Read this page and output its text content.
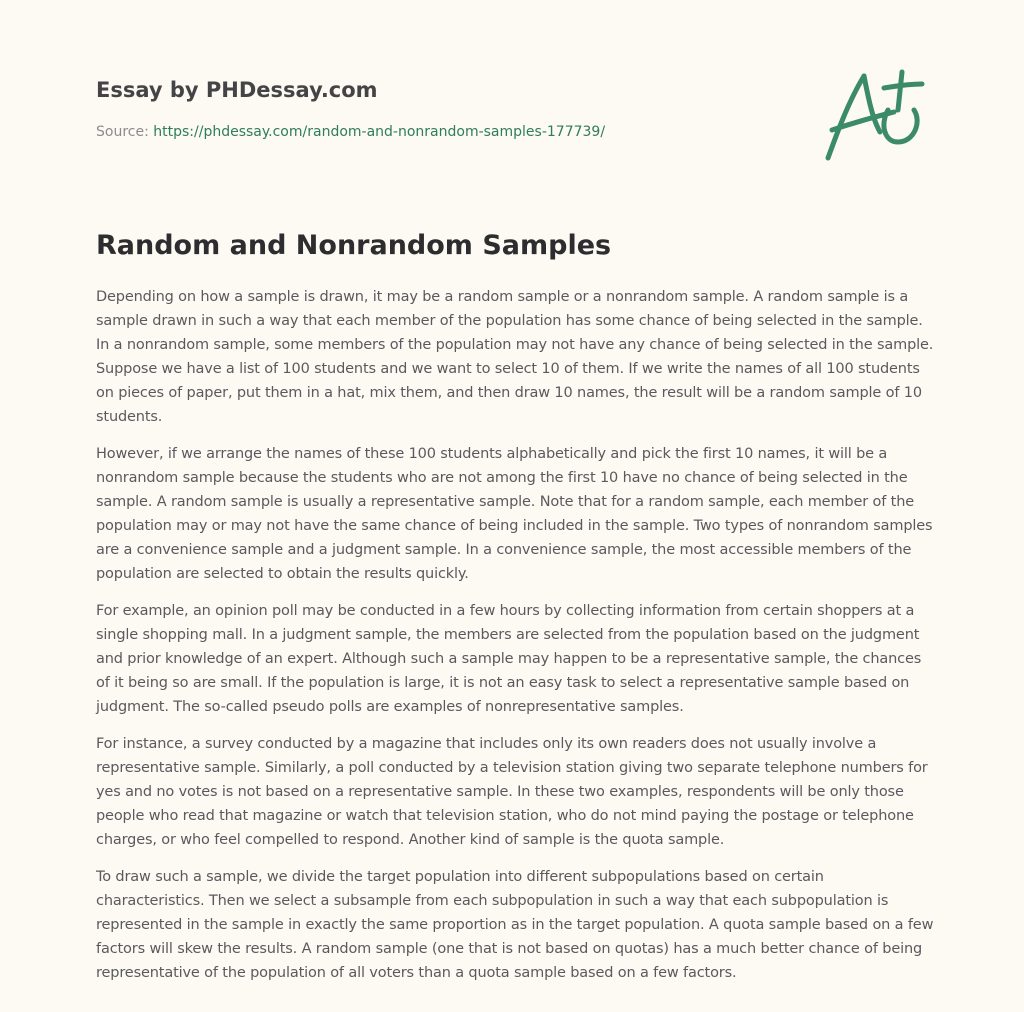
Essay by PHDessay.com
Source: https://phdessay.com/random-and-nonrandom-samples-177739/
Random and Nonrandom Samples

Depending on how a sample is drawn, it may be a random sample or a nonrandom sample. A random sample is a sample drawn in such a way that each member of the population has some chance of being selected in the sample. In a nonrandom sample, some members of the population may not have any chance of being selected in the sample. Suppose we have a list of 100 students and we want to select 10 of them. If we write the names of all 100 students on pieces of paper, put them in a hat, mix them, and then draw 10 names, the result will be a random sample of 10 students.

However, if we arrange the names of these 100 students alphabetically and pick the first 10 names, it will be a nonrandom sample because the students who are not among the first 10 have no chance of being selected in the sample. A random sample is usually a representative sample. Note that for a random sample, each member of the population may or may not have the same chance of being included in the sample. Two types of nonrandom samples are a convenience sample and a judgment sample. In a convenience sample, the most accessible members of the population are selected to obtain the results quickly.

For example, an opinion poll may be conducted in a few hours by collecting information from certain shoppers at a single shopping mall. In a judgment sample, the members are selected from the population based on the judgment and prior knowledge of an expert. Although such a sample may happen to be a representative sample, the chances of it being so are small. If the population is large, it is not an easy task to select a representative sample based on judgment. The so-called pseudo polls are examples of nonrepresentative samples.

For instance, a survey conducted by a magazine that includes only its own readers does not usually involve a representative sample. Similarly, a poll conducted by a television station giving two separate telephone numbers for yes and no votes is not based on a representative sample. In these two examples, respondents will be only those people who read that magazine or watch that television station, who do not mind paying the postage or telephone charges, or who feel compelled to respond. Another kind of sample is the quota sample.

To draw such a sample, we divide the target population into different subpopulations based on certain characteristics. Then we select a subsample from each subpopulation in such a way that each subpopulation is represented in the sample in exactly the same proportion as in the target population. A quota sample based on a few factors will skew the results. A random sample (one that is not based on quotas) has a much better chance of being representative of the population of all voters than a quota sample based on a few factors.
